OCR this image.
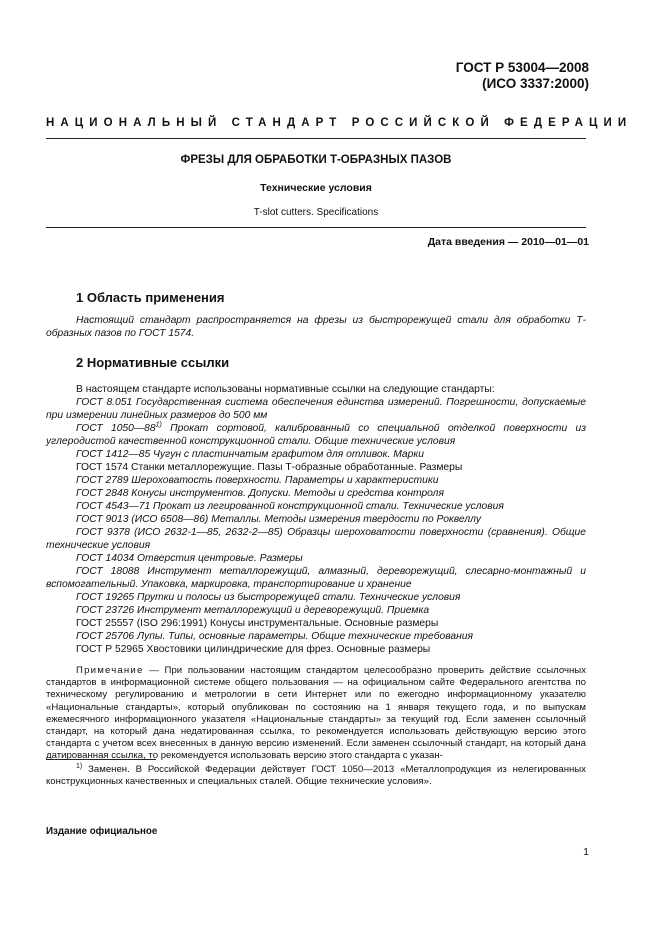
ГОСТ Р 53004—2008
(ИСО 3337:2000)
НАЦИОНАЛЬНЫЙ СТАНДАРТ РОССИЙСКОЙ ФЕДЕРАЦИИ
ФРЕЗЫ ДЛЯ ОБРАБОТКИ Т-ОБРАЗНЫХ ПАЗОВ
Технические условия
T-slot cutters. Specifications
Дата введения — 2010—01—01
1 Область применения
Настоящий стандарт распространяется на фрезы из быстрорежущей стали для обработки Т-образных пазов по ГОСТ 1574.
2 Нормативные ссылки
В настоящем стандарте использованы нормативные ссылки на следующие стандарты:
ГОСТ 8.051 Государственная система обеспечения единства измерений. Погрешности, допускаемые при измерении линейных размеров до 500 мм
ГОСТ 1050—88$^{1)}$ Прокат сортовой, калиброванный со специальной отделкой поверхности из углеродистой качественной конструкционной стали. Общие технические условия
ГОСТ 1412—85 Чугун с пластинчатым графитом для отливок. Марки
ГОСТ 1574 Станки металлорежущие. Пазы Т-образные обработанные. Размеры
ГОСТ 2789 Шероховатость поверхности. Параметры и характеристики
ГОСТ 2848 Конусы инструментов. Допуски. Методы и средства контроля
ГОСТ 4543—71 Прокат из легированной конструкционной стали. Технические условия
ГОСТ 9013 (ИСО 6508—86) Металлы. Методы измерения твердости по Роквеллу
ГОСТ 9378 (ИСО 2632-1—85, 2632-2—85) Образцы шероховатости поверхности (сравнения). Общие технические условия
ГОСТ 14034 Отверстия центровые. Размеры
ГОСТ 18088 Инструмент металлорежущий, алмазный, дереворежущий, слесарно-монтажный и вспомогательный. Упаковка, маркировка, транспортирование и хранение
ГОСТ 19265 Прутки и полосы из быстрорежущей стали. Технические условия
ГОСТ 23726 Инструмент металлорежущий и дереворежущий. Приемка
ГОСТ 25557 (ISO 296:1991) Конусы инструментальные. Основные размеры
ГОСТ 25706 Лупы. Типы, основные параметры. Общие технические требования
ГОСТ Р 52965 Хвостовики цилиндрические для фрез. Основные размеры
Примечание — При пользовании настоящим стандартом целесообразно проверить действие ссылочных стандартов в информационной системе общего пользования — на официальном сайте Федерального агентства по техническому регулированию и метрологии в сети Интернет или по ежегодно информационному указателю «Национальные стандарты», который опубликован по состоянию на 1 января текущего года, и по выпускам ежемесячного информационного указателя «Национальные стандарты» за текущий год. Если заменен ссылочный стандарт, на который дана недатированная ссылка, то рекомендуется использовать действующую версию этого стандарта с учетом всех внесенных в данную версию изменений. Если заменен ссылочный стандарт, на который дана датированная ссылка, то рекомендуется использовать версию этого стандарта с указан-
$^{1)}$ Заменен. В Российской Федерации действует ГОСТ 1050—2013 «Металлопродукция из нелегированных конструкционных качественных и специальных сталей. Общие технические условия».
Издание официальное
1
